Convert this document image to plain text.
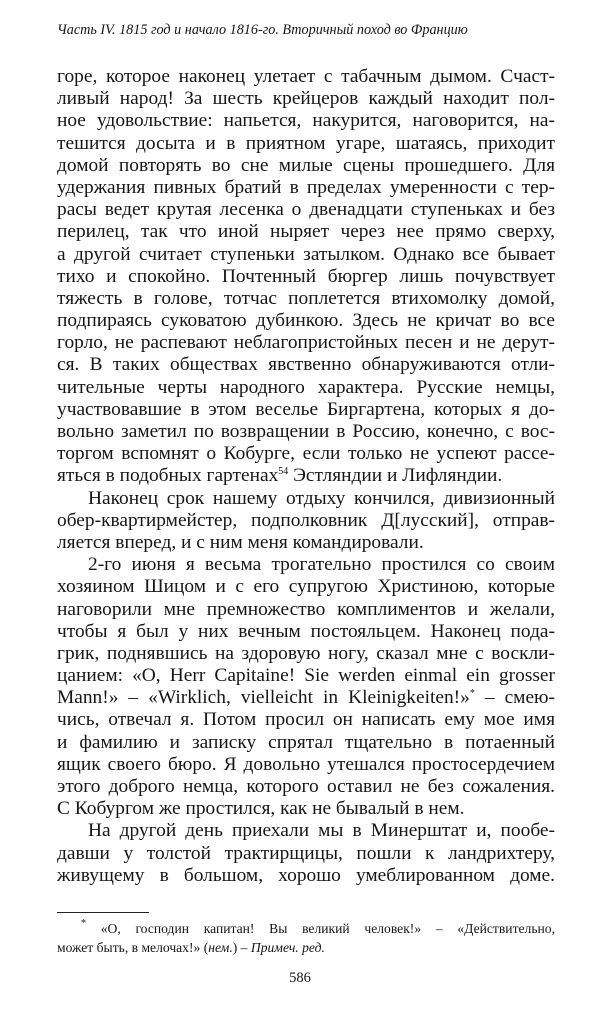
Часть IV. 1815 год и начало 1816-го. Вторичный поход во Францию
горе, которое наконец улетает с табачным дымом. Счаст-
ливый народ! За шесть крейцеров каждый находит пол-
ное удовольствие: напьется, накурится, наговорится, на-
тешится досыта и в приятном угаре, шатаясь, приходит
домой повторять во сне милые сцены прошедшего. Для
удержания пивных братий в пределах умеренности с тер-
расы ведет крутая лесенка о двенадцати ступеньках и без
перилец, так что иной ныряет через нее прямо сверху,
а другой считает ступеньки затылком. Однако все бывает
тихо и спокойно. Почтенный бюргер лишь почувствует
тяжесть в голове, тотчас поплетется втихомолку домой,
подпираясь суковатою дубинкою. Здесь не кричат во все
горло, не распевают неблагопристойных песен и не дерут-
ся. В таких обществах явственно обнаруживаются отли-
чительные черты народного характера. Русские немцы,
участвовавшие в этом веселье Биргартена, которых я до-
вольно заметил по возвращении в Россию, конечно, с вос-
торгом вспомнят о Кобурге, если только не успеют рассе-
яться в подобных гартенах$^{54}$ Эстляндии и Лифляндии.
Наконец срок нашему отдыху кончился, дивизионный
обер-квартирмейстер, подполковник Д[лусский], отправ-
ляется вперед, и с ним меня командировали.
2-го июня я весьма трогательно простился со своим
хозяином Шицом и с его супругою Христиною, которые
наговорили мне премножество комплиментов и желали,
чтобы я был у них вечным постояльцем. Наконец пода-
грик, поднявшись на здоровую ногу, сказал мне с воскли-
цанием: «O, Herr Capitaine! Sie werden einmal ein grosser
Mann!» – «Wirklich, vielleicht in Kleinigkeiten!»* – смею-
чись, отвечал я. Потом просил он написать ему мое имя
и фамилию и записку спрятал тщательно в потаенный
ящик своего бюро. Я довольно утешался простосердечием
этого доброго немца, которого оставил не без сожаления.
С Кобургом же простился, как не бывалый в нем.
На другой день приехали мы в Минерштат и, пообе-
давши у толстой трактирщицы, пошли к ландрихтеру,
живущему в большом, хорошо умеблированном доме.
* «О, господин капитан! Вы великий человек!» – «Действительно,
может быть, в мелочах!» (нем.) – Примеч. ред.
586
